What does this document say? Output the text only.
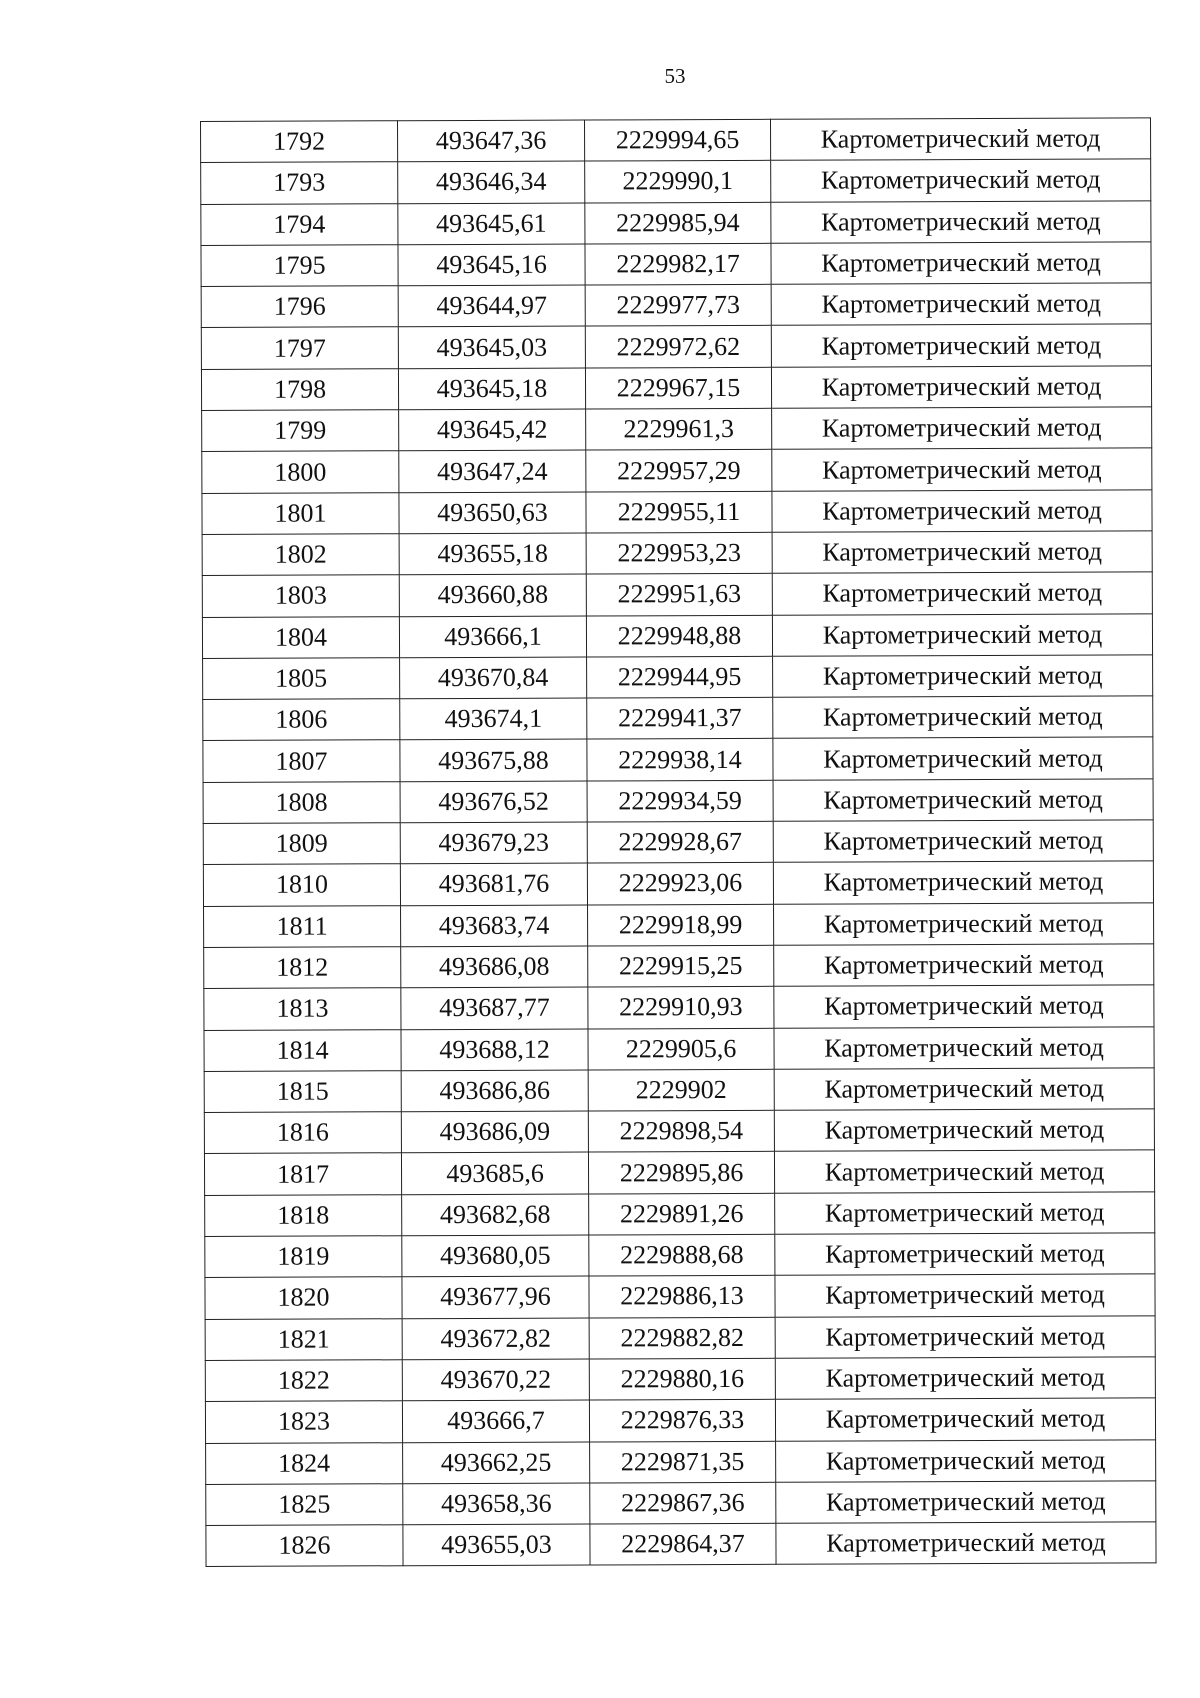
53
1792	493647,36	2229994,65	Картометрический метод
1793	493646,34	2229990,1	Картометрический метод
1794	493645,61	2229985,94	Картометрический метод
1795	493645,16	2229982,17	Картометрический метод
1796	493644,97	2229977,73	Картометрический метод
1797	493645,03	2229972,62	Картометрический метод
1798	493645,18	2229967,15	Картометрический метод
1799	493645,42	2229961,3	Картометрический метод
1800	493647,24	2229957,29	Картометрический метод
1801	493650,63	2229955,11	Картометрический метод
1802	493655,18	2229953,23	Картометрический метод
1803	493660,88	2229951,63	Картометрический метод
1804	493666,1	2229948,88	Картометрический метод
1805	493670,84	2229944,95	Картометрический метод
1806	493674,1	2229941,37	Картометрический метод
1807	493675,88	2229938,14	Картометрический метод
1808	493676,52	2229934,59	Картометрический метод
1809	493679,23	2229928,67	Картометрический метод
1810	493681,76	2229923,06	Картометрический метод
1811	493683,74	2229918,99	Картометрический метод
1812	493686,08	2229915,25	Картометрический метод
1813	493687,77	2229910,93	Картометрический метод
1814	493688,12	2229905,6	Картометрический метод
1815	493686,86	2229902	Картометрический метод
1816	493686,09	2229898,54	Картометрический метод
1817	493685,6	2229895,86	Картометрический метод
1818	493682,68	2229891,26	Картометрический метод
1819	493680,05	2229888,68	Картометрический метод
1820	493677,96	2229886,13	Картометрический метод
1821	493672,82	2229882,82	Картометрический метод
1822	493670,22	2229880,16	Картометрический метод
1823	493666,7	2229876,33	Картометрический метод
1824	493662,25	2229871,35	Картометрический метод
1825	493658,36	2229867,36	Картометрический метод
1826	493655,03	2229864,37	Картометрический метод
